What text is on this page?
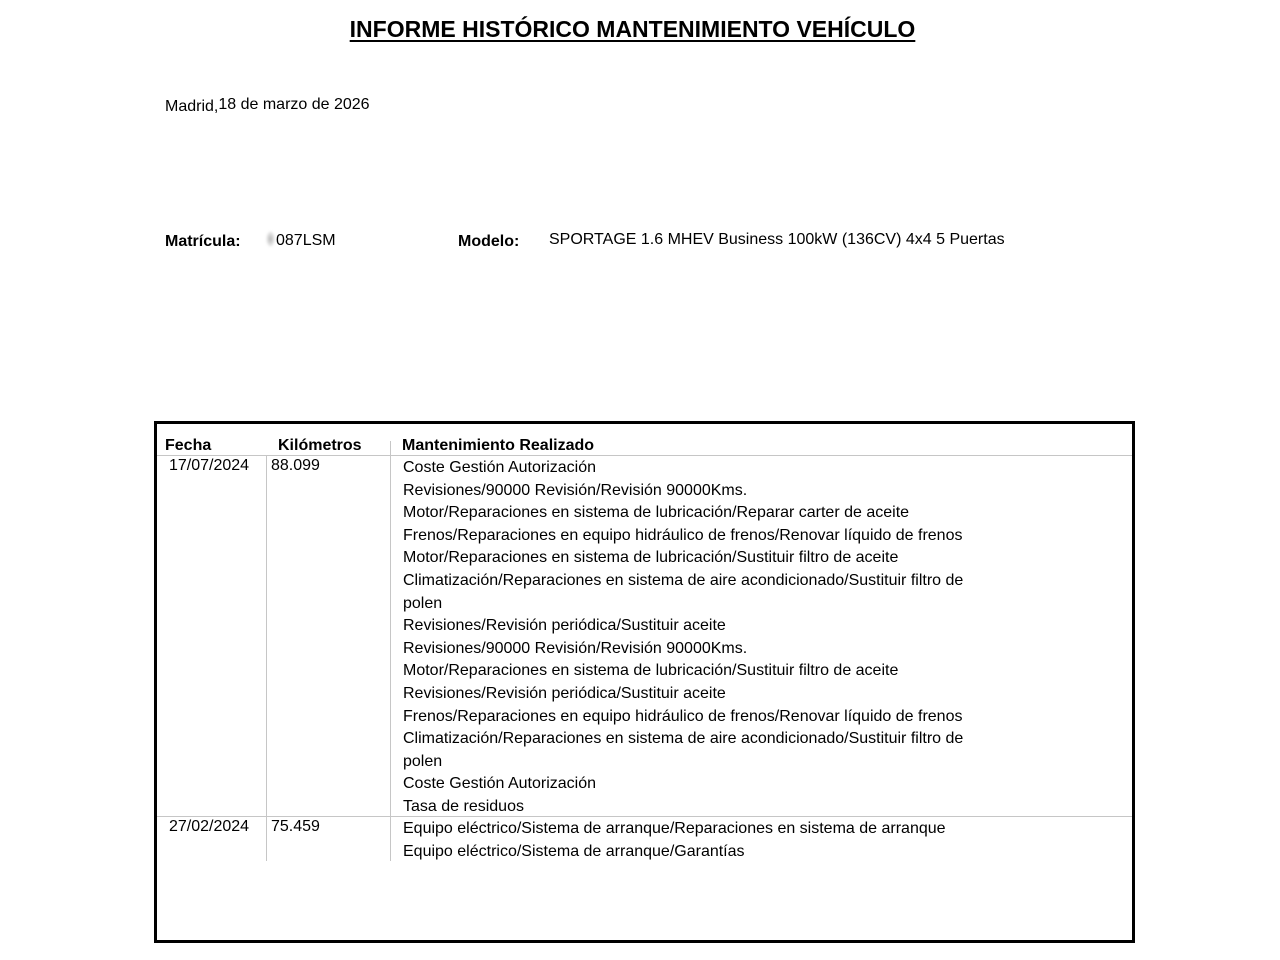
INFORME HISTÓRICO MANTENIMIENTO VEHÍCULO
Madrid,18 de marzo de 2026
Matrícula:	087LSM	Modelo: SPORTAGE 1.6 MHEV Business 100kW (136CV) 4x4 5 Puertas
Fecha	Kilómetros	Mantenimiento Realizado
17/07/2024 88.099	Coste Gestión Autorización
Revisiones/90000 Revisión/Revisión 90000Kms.
Motor/Reparaciones en sistema de lubricación/Reparar carter de aceite
Frenos/Reparaciones en equipo hidráulico de frenos/Renovar líquido de frenos
Motor/Reparaciones en sistema de lubricación/Sustituir filtro de aceite
Climatización/Reparaciones en sistema de aire acondicionado/Sustituir filtro de polen
Revisiones/Revisión periódica/Sustituir aceite
Revisiones/90000 Revisión/Revisión 90000Kms.
Motor/Reparaciones en sistema de lubricación/Sustituir filtro de aceite
Revisiones/Revisión periódica/Sustituir aceite
Frenos/Reparaciones en equipo hidráulico de frenos/Renovar líquido de frenos
Climatización/Reparaciones en sistema de aire acondicionado/Sustituir filtro de polen
Coste Gestión Autorización
Tasa de residuos
27/02/2024 75.459	Equipo eléctrico/Sistema de arranque/Reparaciones en sistema de arranque
Equipo eléctrico/Sistema de arranque/Garantías
